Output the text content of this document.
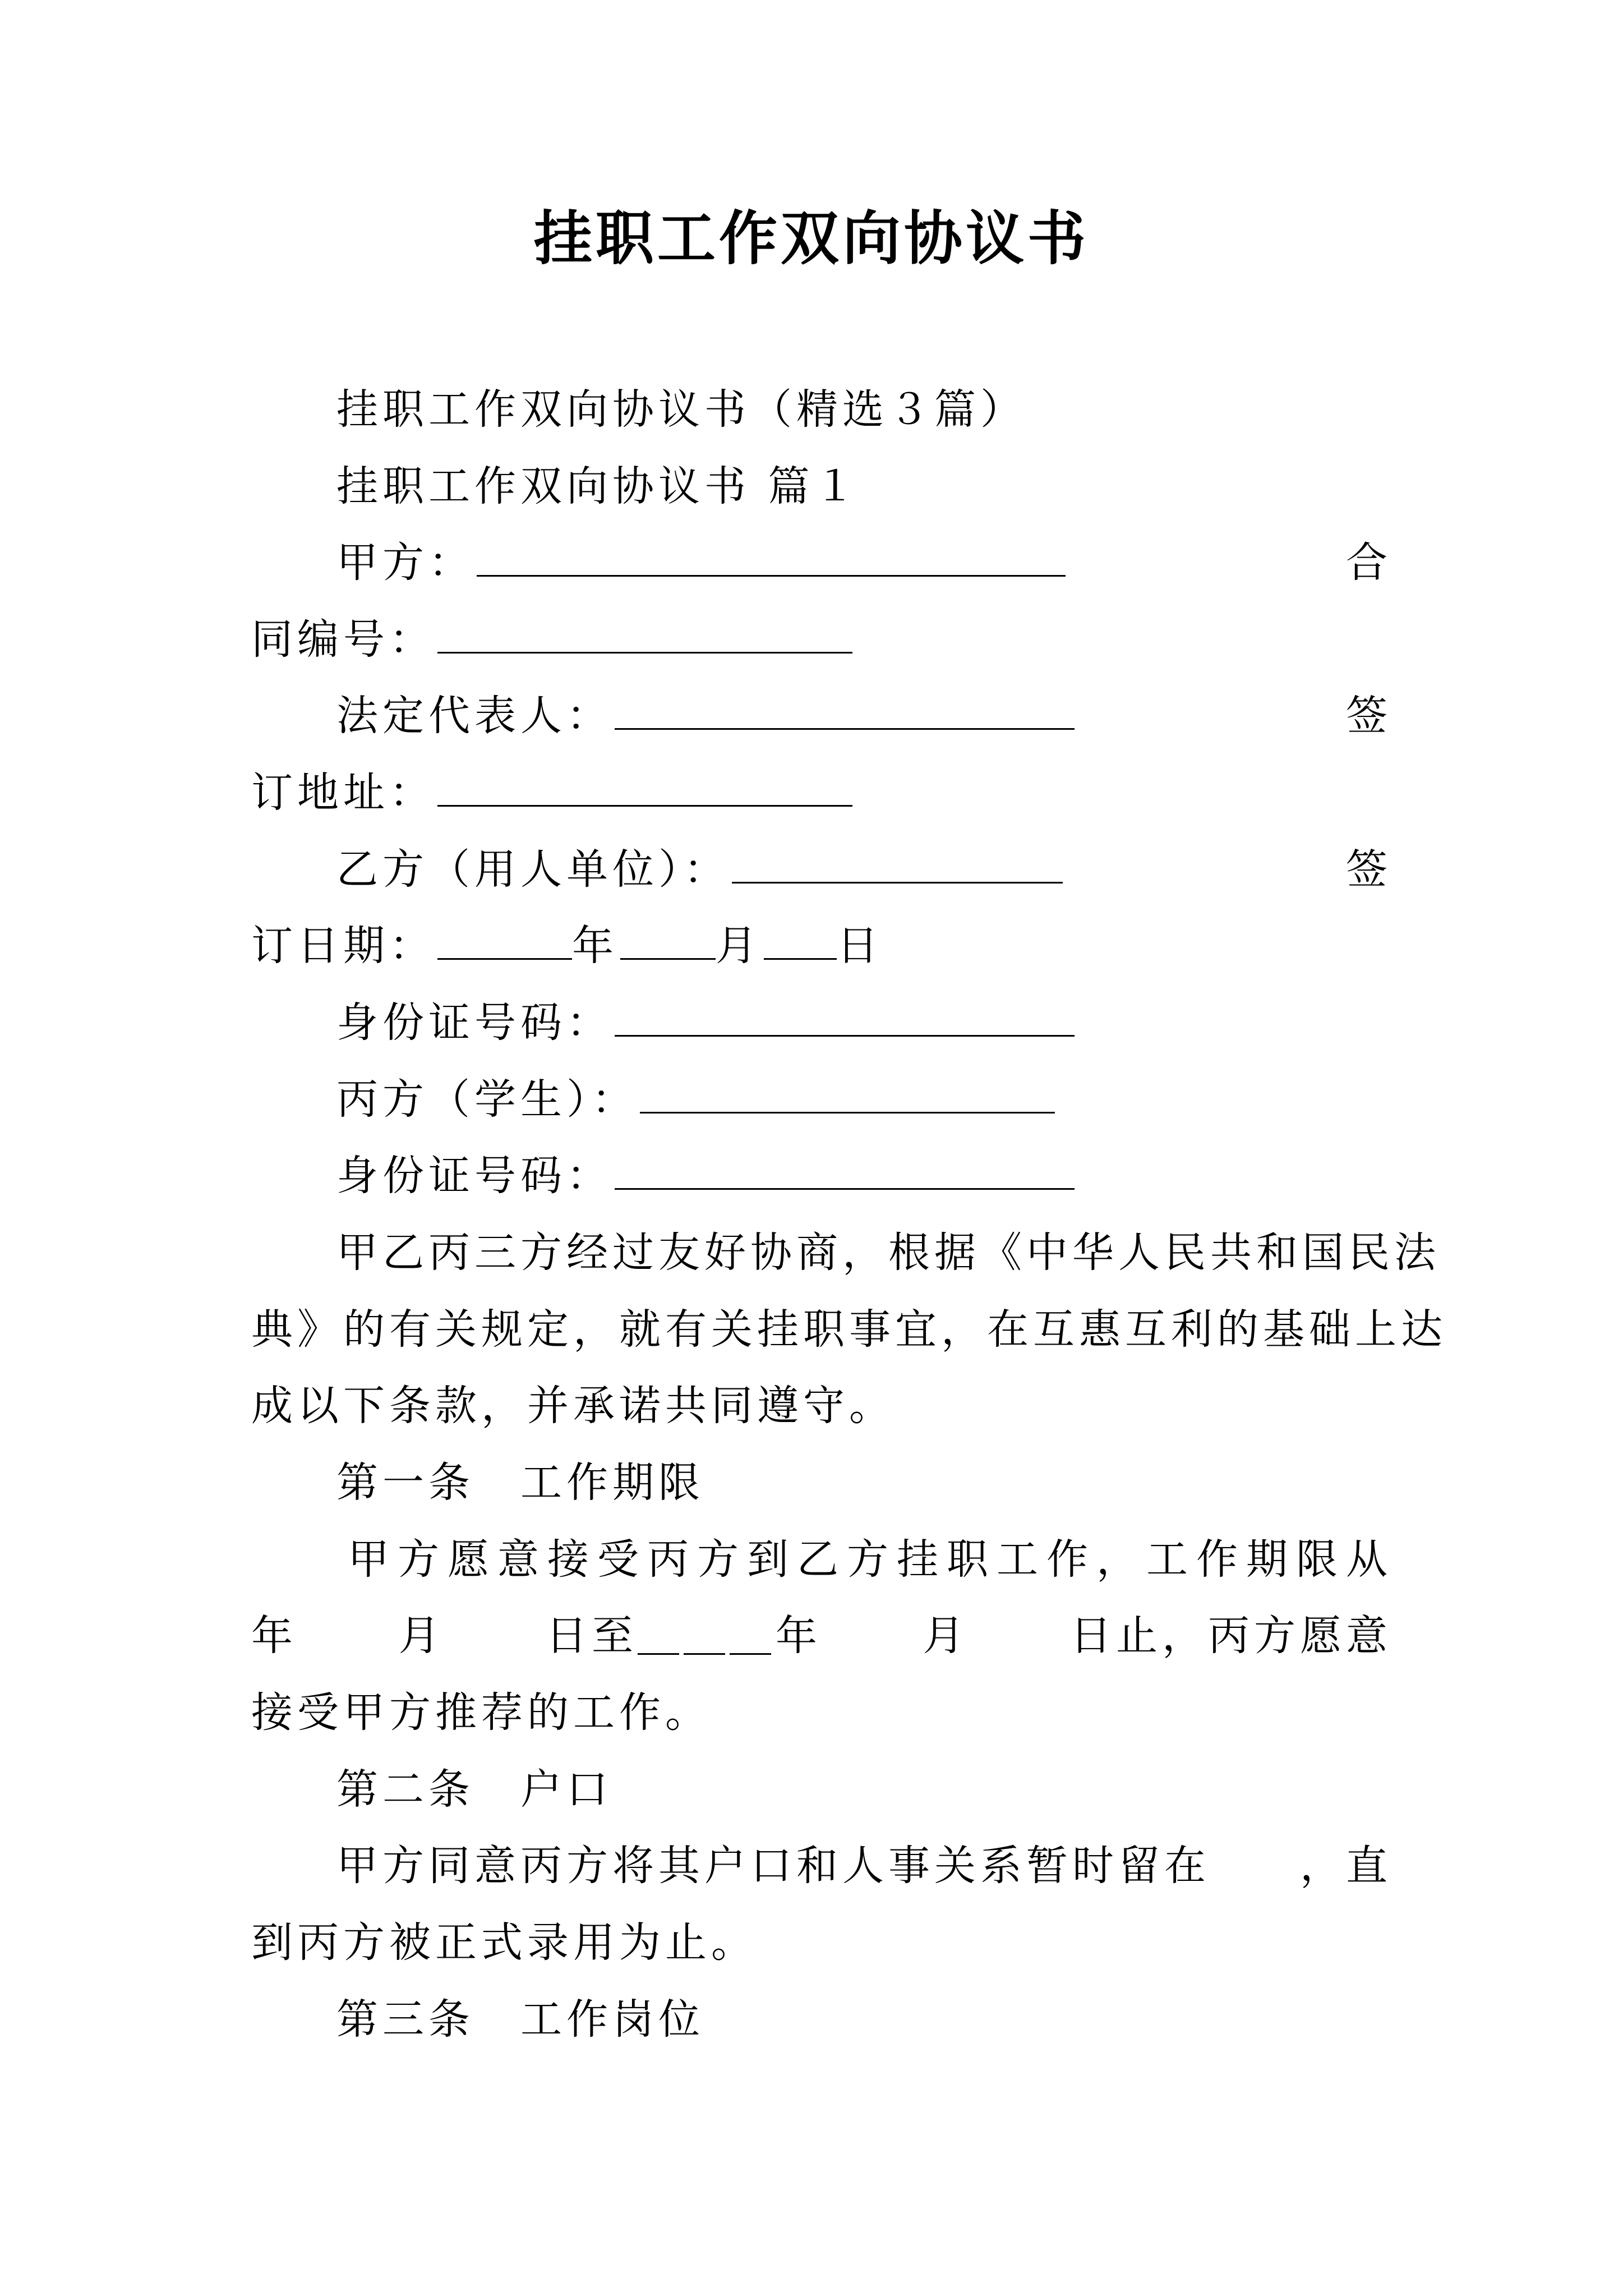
挂职工作双向协议书
挂职工作双向协议书（精选３篇）
挂职工作双向协议书 篇１
甲方：	合
同编号：
法定代表人：	签
订地址：
乙方（用人单位）：	签
订日期：	年 月 日
身份证号码：
丙方（学生）：
身份证号码：
甲 乙 丙 三 方 经 过 友 好 协 商 ， 根 据 《 中 华 人 民 共 和 国 民 法
典 》 的 有 关 规 定 ， 就 有 关 挂 职 事 宜 ， 在 互 惠 互 利 的 基 础 上 达
成以下条款，并承诺共同遵守。
第一条　工作期限
甲 方 愿 意 接 受 丙 方 到 乙 方 挂 职 工 作 ， 工 作 期 限 从
年 月 日至＿＿＿年 月 日止，丙方愿意
接受甲方推荐的工作。
第二条　户口
甲方同意丙方将其户口和人事关系暂时留在 ，直
到丙方被正式录用为止。
第三条　工作岗位
